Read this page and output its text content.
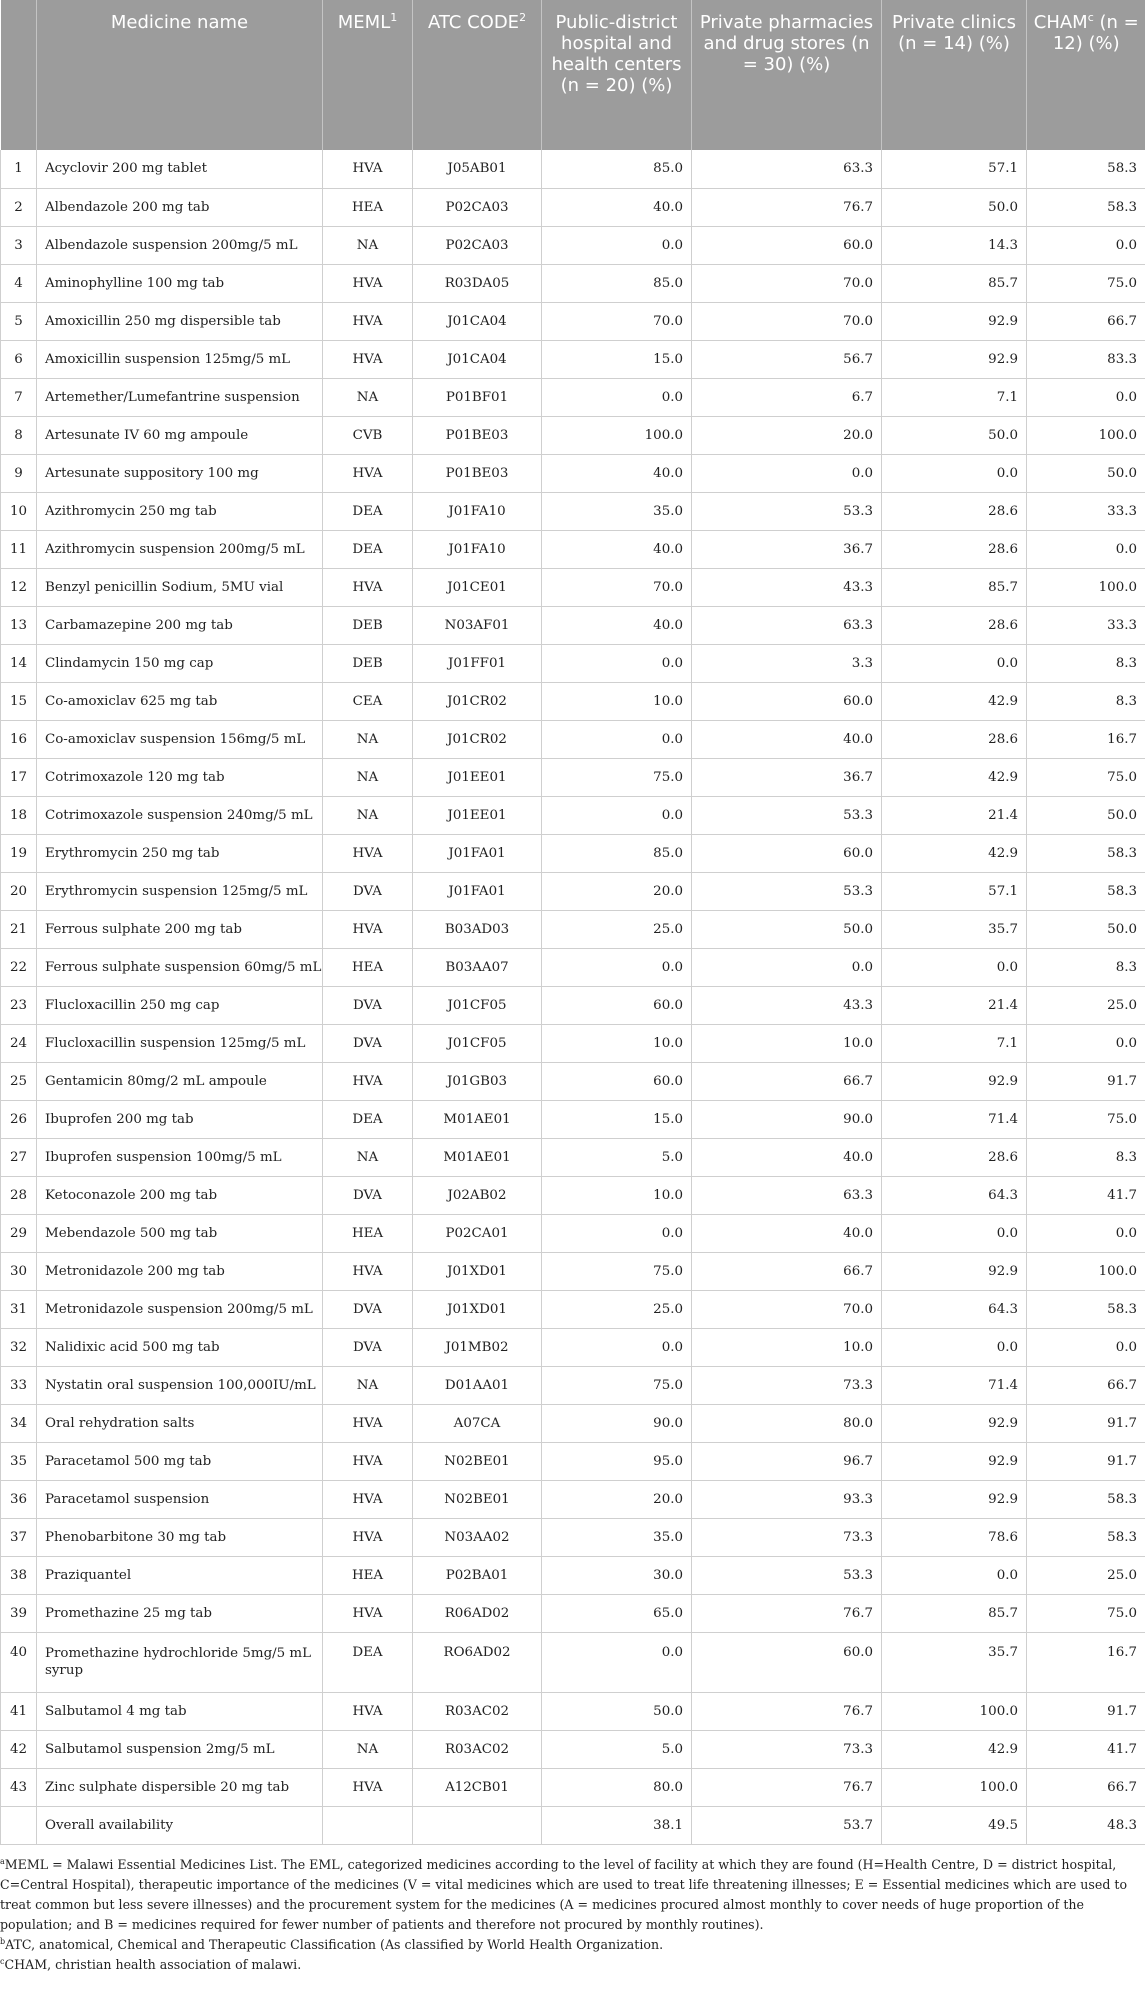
	Medicine name	MEML$^1$	ATC CODE$^2$	Public-district hospital and health centers (n = 20) (%)	Private pharmacies and drug stores (n = 30) (%)	Private clinics (n = 14) (%)	CHAM$^c$ (n = 12) (%)
1	Acyclovir 200 mg tablet	HVA	J05AB01	85.0	63.3	57.1	58.3
2	Albendazole 200 mg tab	HEA	P02CA03	40.0	76.7	50.0	58.3
3	Albendazole suspension 200mg/5 mL	NA	P02CA03	0.0	60.0	14.3	0.0
4	Aminophylline 100 mg tab	HVA	R03DA05	85.0	70.0	85.7	75.0
5	Amoxicillin 250 mg dispersible tab	HVA	J01CA04	70.0	70.0	92.9	66.7
6	Amoxicillin suspension 125mg/5 mL	HVA	J01CA04	15.0	56.7	92.9	83.3
7	Artemether/Lumefantrine suspension	NA	P01BF01	0.0	6.7	7.1	0.0
8	Artesunate IV 60 mg ampoule	CVB	P01BE03	100.0	20.0	50.0	100.0
9	Artesunate suppository 100 mg	HVA	P01BE03	40.0	0.0	0.0	50.0
10	Azithromycin 250 mg tab	DEA	J01FA10	35.0	53.3	28.6	33.3
11	Azithromycin suspension 200mg/5 mL	DEA	J01FA10	40.0	36.7	28.6	0.0
12	Benzyl penicillin Sodium, 5MU vial	HVA	J01CE01	70.0	43.3	85.7	100.0
13	Carbamazepine 200 mg tab	DEB	N03AF01	40.0	63.3	28.6	33.3
14	Clindamycin 150 mg cap	DEB	J01FF01	0.0	3.3	0.0	8.3
15	Co-amoxiclav 625 mg tab	CEA	J01CR02	10.0	60.0	42.9	8.3
16	Co-amoxiclav suspension 156mg/5 mL	NA	J01CR02	0.0	40.0	28.6	16.7
17	Cotrimoxazole 120 mg tab	NA	J01EE01	75.0	36.7	42.9	75.0
18	Cotrimoxazole suspension 240mg/5 mL	NA	J01EE01	0.0	53.3	21.4	50.0
19	Erythromycin 250 mg tab	HVA	J01FA01	85.0	60.0	42.9	58.3
20	Erythromycin suspension 125mg/5 mL	DVA	J01FA01	20.0	53.3	57.1	58.3
21	Ferrous sulphate 200 mg tab	HVA	B03AD03	25.0	50.0	35.7	50.0
22	Ferrous sulphate suspension 60mg/5 mL	HEA	B03AA07	0.0	0.0	0.0	8.3
23	Flucloxacillin 250 mg cap	DVA	J01CF05	60.0	43.3	21.4	25.0
24	Flucloxacillin suspension 125mg/5 mL	DVA	J01CF05	10.0	10.0	7.1	0.0
25	Gentamicin 80mg/2 mL ampoule	HVA	J01GB03	60.0	66.7	92.9	91.7
26	Ibuprofen 200 mg tab	DEA	M01AE01	15.0	90.0	71.4	75.0
27	Ibuprofen suspension 100mg/5 mL	NA	M01AE01	5.0	40.0	28.6	8.3
28	Ketoconazole 200 mg tab	DVA	J02AB02	10.0	63.3	64.3	41.7
29	Mebendazole 500 mg tab	HEA	P02CA01	0.0	40.0	0.0	0.0
30	Metronidazole 200 mg tab	HVA	J01XD01	75.0	66.7	92.9	100.0
31	Metronidazole suspension 200mg/5 mL	DVA	J01XD01	25.0	70.0	64.3	58.3
32	Nalidixic acid 500 mg tab	DVA	J01MB02	0.0	10.0	0.0	0.0
33	Nystatin oral suspension 100,000IU/mL	NA	D01AA01	75.0	73.3	71.4	66.7
34	Oral rehydration salts	HVA	A07CA	90.0	80.0	92.9	91.7
35	Paracetamol 500 mg tab	HVA	N02BE01	95.0	96.7	92.9	91.7
36	Paracetamol suspension	HVA	N02BE01	20.0	93.3	92.9	58.3
37	Phenobarbitone 30 mg tab	HVA	N03AA02	35.0	73.3	78.6	58.3
38	Praziquantel	HEA	P02BA01	30.0	53.3	0.0	25.0
39	Promethazine 25 mg tab	HVA	R06AD02	65.0	76.7	85.7	75.0
40	Promethazine hydrochloride 5mg/5 mL syrup	DEA	RO6AD02	0.0	60.0	35.7	16.7
41	Salbutamol 4 mg tab	HVA	R03AC02	50.0	76.7	100.0	91.7
42	Salbutamol suspension 2mg/5 mL	NA	R03AC02	5.0	73.3	42.9	41.7
43	Zinc sulphate dispersible 20 mg tab	HVA	A12CB01	80.0	76.7	100.0	66.7
	Overall availability			38.1	53.7	49.5	48.3

$^a$MEML = Malawi Essential Medicines List. The EML, categorized medicines according to the level of facility at which they are found (H=Health Centre, D = district hospital, C=Central Hospital), therapeutic importance of the medicines (V = vital medicines which are used to treat life threatening illnesses; E = Essential medicines which are used to treat common but less severe illnesses) and the procurement system for the medicines (A = medicines procured almost monthly to cover needs of huge proportion of the population; and B = medicines required for fewer number of patients and therefore not procured by monthly routines).

$^b$ATC, anatomical, Chemical and Therapeutic Classification (As classified by World Health Organization.

$^c$CHAM, christian health association of malawi.
